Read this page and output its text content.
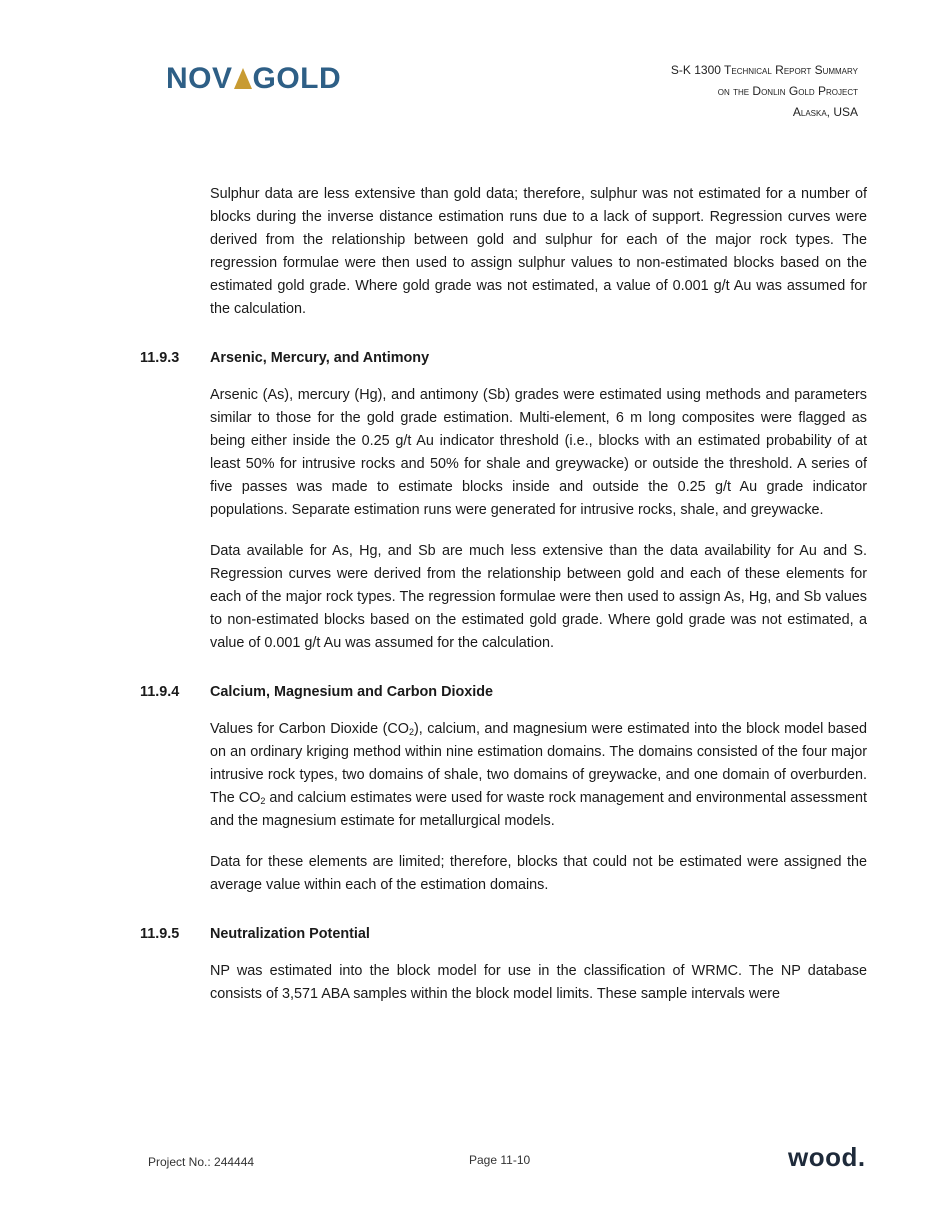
NOV GOLD	S-K 1300 Technical Report Summary
on the Donlin Gold Project
Alaska, USA

Sulphur data are less extensive than gold data; therefore, sulphur was not estimated for a number of blocks during the inverse distance estimation runs due to a lack of support. Regression curves were derived from the relationship between gold and sulphur for each of the major rock types. The regression formulae were then used to assign sulphur values to non-estimated blocks based on the estimated gold grade. Where gold grade was not estimated, a value of 0.001 g/t Au was assumed for the calculation.

11.9.3	Arsenic, Mercury, and Antimony

Arsenic (As), mercury (Hg), and antimony (Sb) grades were estimated using methods and parameters similar to those for the gold grade estimation. Multi-element, 6 m long composites were flagged as being either inside the 0.25 g/t Au indicator threshold (i.e., blocks with an estimated probability of at least 50% for intrusive rocks and 50% for shale and greywacke) or outside the threshold. A series of five passes was made to estimate blocks inside and outside the 0.25 g/t Au grade indicator populations. Separate estimation runs were generated for intrusive rocks, shale, and greywacke.

Data available for As, Hg, and Sb are much less extensive than the data availability for Au and S. Regression curves were derived from the relationship between gold and each of these elements for each of the major rock types. The regression formulae were then used to assign As, Hg, and Sb values to non-estimated blocks based on the estimated gold grade. Where gold grade was not estimated, a value of 0.001 g/t Au was assumed for the calculation.

11.9.4	Calcium, Magnesium and Carbon Dioxide

Values for Carbon Dioxide $(CO_2)$, calcium, and magnesium were estimated into the block model based on an ordinary kriging method within nine estimation domains. The domains consisted of the four major intrusive rock types, two domains of shale, two domains of greywacke, and one domain of overburden. The $CO_2$ and calcium estimates were used for waste rock management and environmental assessment and the magnesium estimate for metallurgical models.

Data for these elements are limited; therefore, blocks that could not be estimated were assigned the average value within each of the estimation domains.

11.9.5	Neutralization Potential

NP was estimated into the block model for use in the classification of WRMC. The NP database consists of 3,571 ABA samples within the block model limits. These sample intervals were

Project No.: 244444	Page 11-10	wood.
